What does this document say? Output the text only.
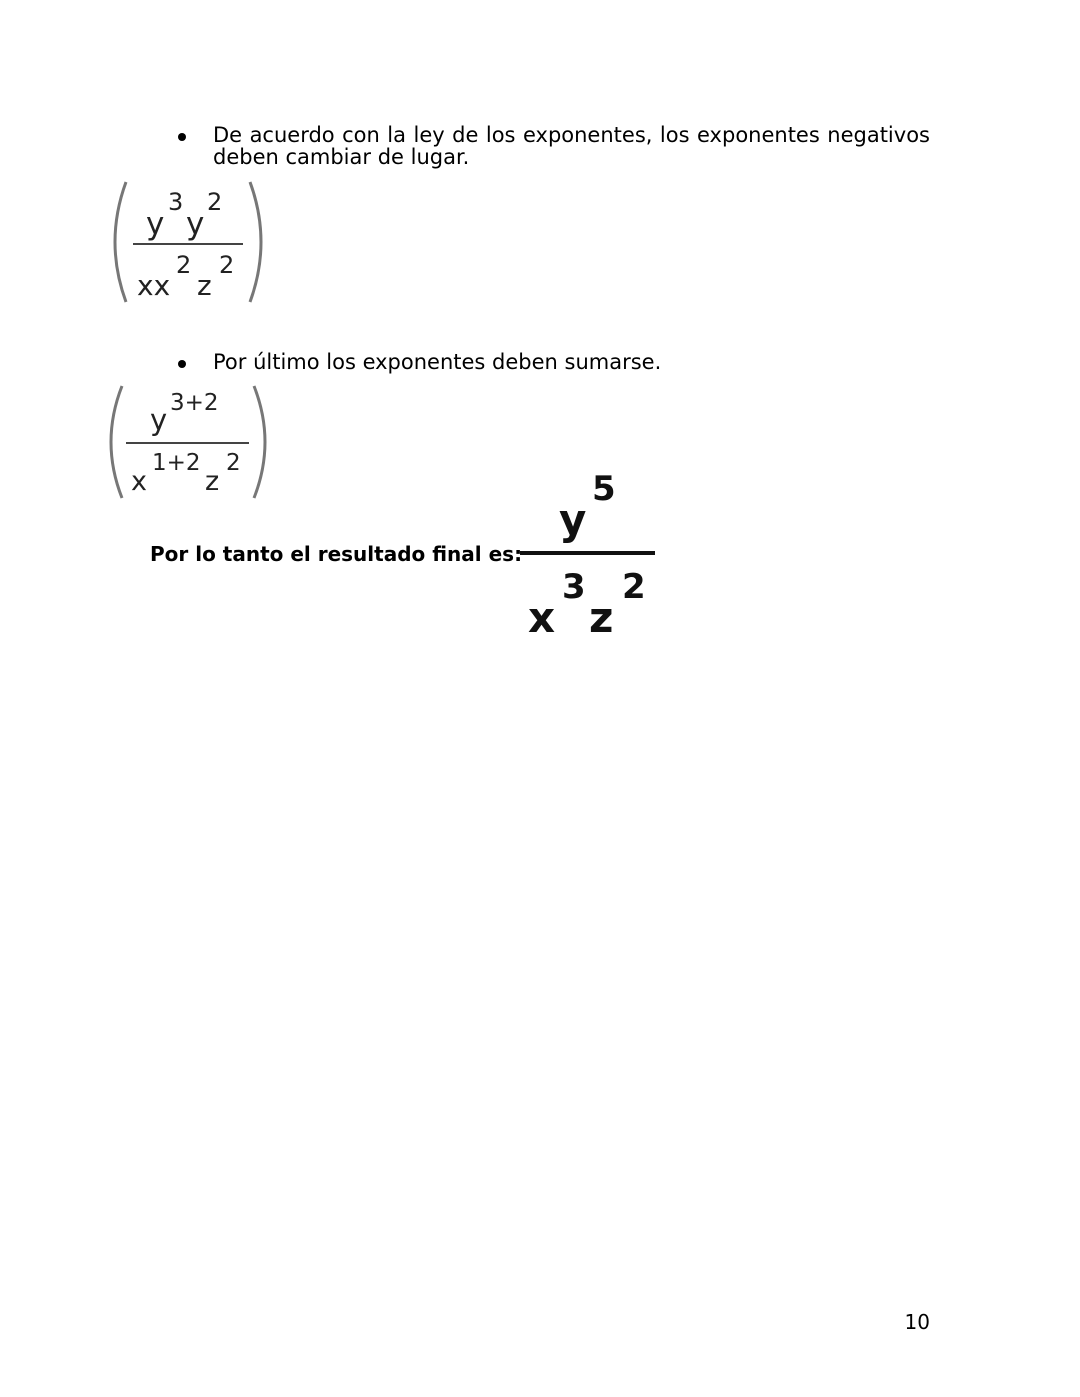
De acuerdo con la ley de los exponentes, los exponentes negativos deben cambiar de lugar.
y
3
y
2
xx
2
z
2
Por último los exponentes deben sumarse.
y 3+2
x
1+2
z
2
Por lo tanto el resultado final es:
y
5
x
3
z
2
10
